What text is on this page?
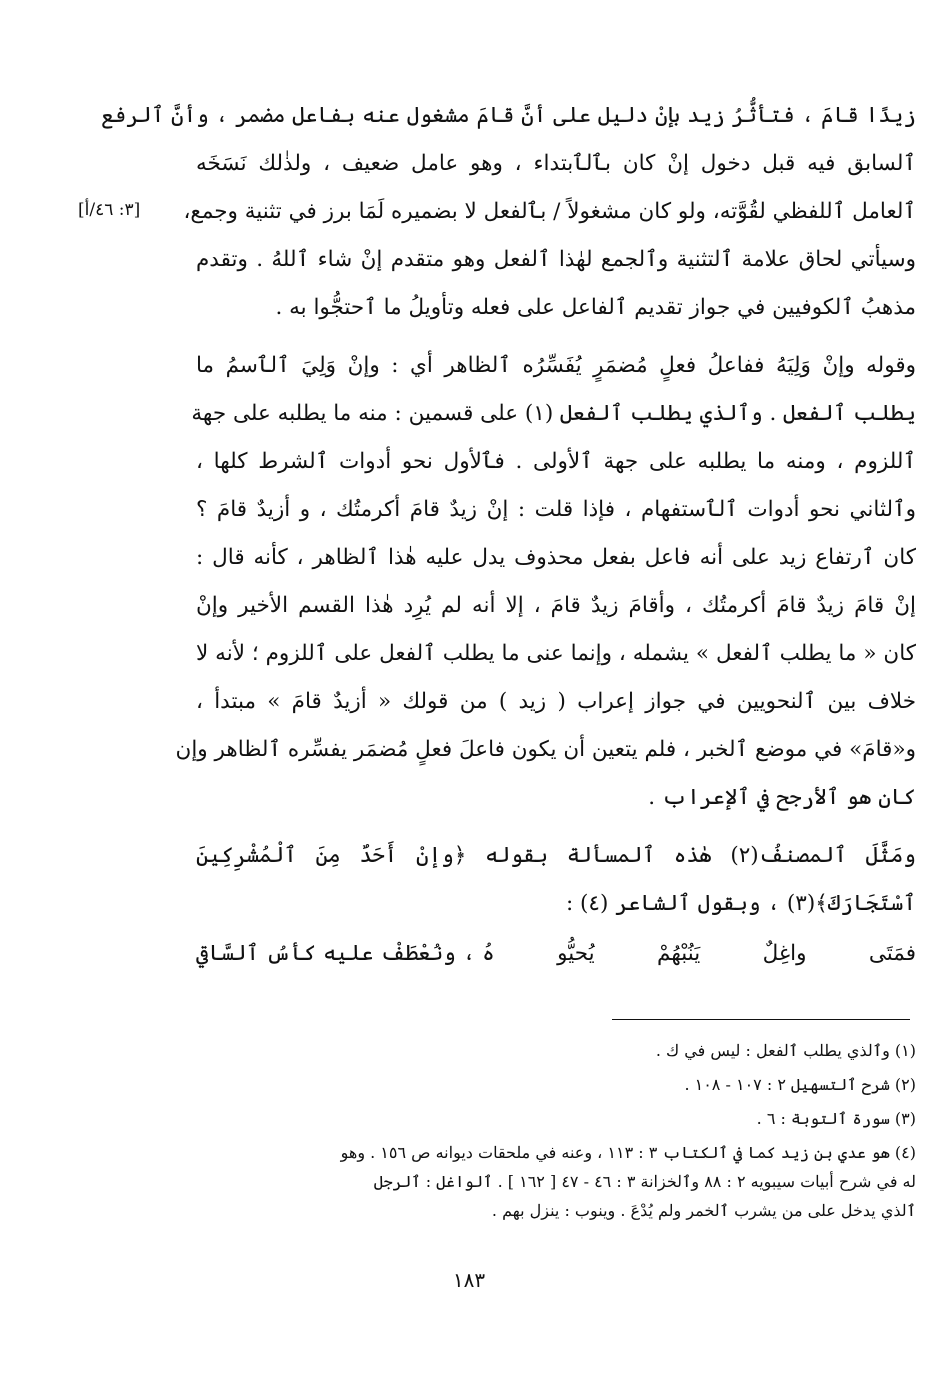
[٣: ٤٦/أ]
زيدًا قامَ ، فتأثُّرُ زيد بإنْ دليل على أنَّ قامَ مشغول عنه بفاعل مضمر ، وأنَّ ٱلرفع
ٱلسابق فيه قبل دخول إنْ كان بٱلٱبتداء ، وهو عامل ضعيف ، ولذٰلك نَسَخَه
ٱلعامل ٱللفظي لقُوَّته، ولو كان مشغولاً / بٱلفعل لا بضميره لَمَا برز في تثنية وجمع،
وسيأتي لحاق علامة ٱلتثنية وٱلجمع لهٰذا ٱلفعل وهو متقدم إنْ شاء ٱللهُ . وتقدم
مذهبُ ٱلكوفيين في جواز تقديم ٱلفاعل على فعله وتأويلُ ما ٱحتجُّوا به .
وقوله وإنْ وَلِيَهُ ففاعلُ فعلٍ مُضمَرٍ يُفَسِّرُه ٱلظاهر أي : وإنْ وَلِيَ ٱلٱسمُ ما
يطلب ٱلفعل . وٱلذي يطلب ٱلفعل (١) على قسمين : منه ما يطلبه على جهة
ٱللزوم ، ومنه ما يطلبه على جهة ٱلأولى . فٱلأول نحو أدوات ٱلشرط كلها ،
وٱلثاني نحو أدوات ٱلٱستفهام ، فإذا قلت : إنْ زيدٌ قامَ أكرمتُك ، و أزيدٌ قامَ ؟
كان ٱرتفاع زيد على أنه فاعل بفعل محذوف يدل عليه هٰذا ٱلظاهر ، كأنه قال :
إنْ قامَ زيدٌ قامَ أكرمتُك ، وأقامَ زيدٌ قامَ ، إلا أنه لم يُرِد هٰذا القسم الأخير وإنْ
كان « ما يطلب ٱلفعل » يشمله ، وإنما عنى ما يطلب ٱلفعل على ٱللزوم ؛ لأنه لا
خلاف بين ٱلنحويين في جواز إعراب ( زيد ) من قولك « أزيدٌ قامَ » مبتدأ ،
و«قامَ» في موضع ٱلخبر ، فلم يتعين أن يكون فاعلَ فعلٍ مُضمَر يفسِّره ٱلظاهر وإن
كان هو ٱلأرجح في ٱلإعراب .
ومَثَّلَ ٱلمصنفُ(٢) هٰذه ٱلمسألة بقوله ﴿وإنْ أَحَدٌ مِنَ ٱلْمُشْرِكِينَ
ٱسْتَجَارَكَ﴾(٣) ، وبقول ٱلشاعر (٤) :
فمَتَى
واغِلٌ
يَنُبْهُمْ
يُحيُّو
هُ ، ونُعْطَفْ عليه كأسُ ٱلسَّاقي
(١) وٱلذي يطلب ٱلفعل : ليس في ك .
(٢) شرح ٱلتسهيل ٢ : ١٠٧ - ١٠٨ .
(٣) سورة ٱلتوبة : ٦ .
(٤) هو عدي بن زيد كما في ٱلكتاب ٣ : ١١٣ ، وعنه في ملحقات ديوانه ص ١٥٦ . وهو
له في شرح أبيات سيبويه ٢ : ٨٨ وٱلخزانة ٣ : ٤٦ - ٤٧ [ ١٦٢ ] . ٱلواغل : ٱلرجل
ٱلذي يدخل على من يشرب ٱلخمر ولم يُدْعَ . وينوب : ينزل بهم .
١٨٣
